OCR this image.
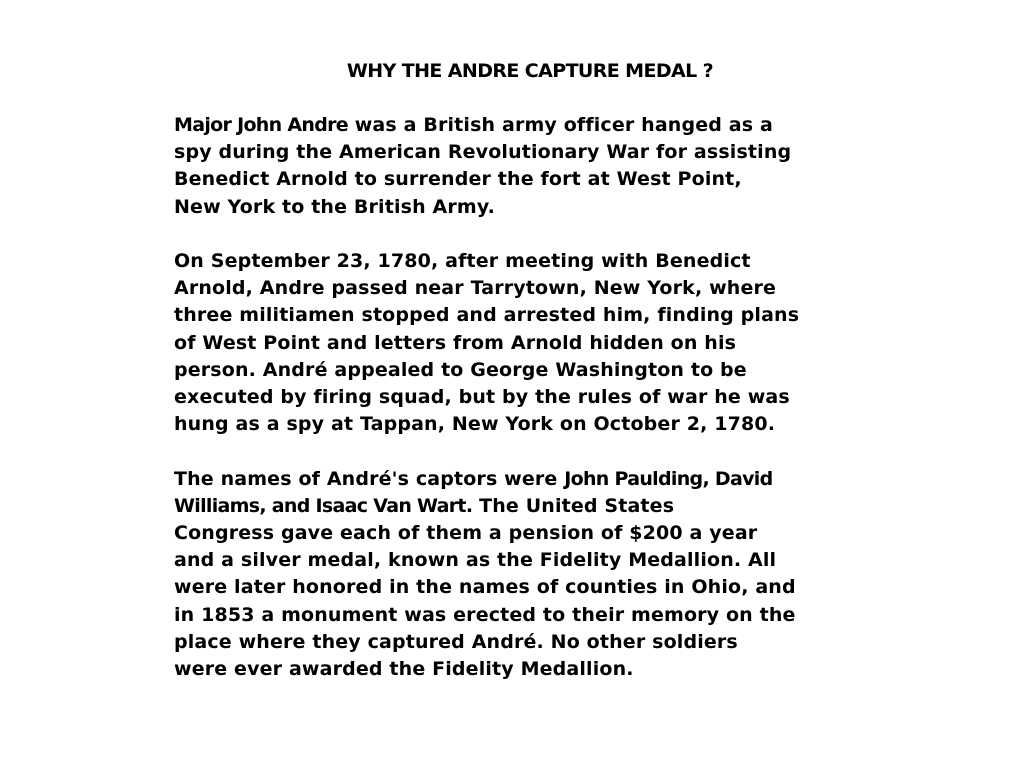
WHY THE ANDRE CAPTURE MEDAL ?

Major John Andre was a British army officer hanged as a
spy during the American Revolutionary War for assisting
Benedict Arnold to surrender the fort at West Point,
New York to the British Army.

On September 23, 1780, after meeting with Benedict
Arnold, Andre passed near Tarrytown, New York, where
three militiamen stopped and arrested him, finding plans
of West Point and letters from Arnold hidden on his
person. André appealed to George Washington to be
executed by firing squad, but by the rules of war he was
hung as a spy at Tappan, New York on October 2, 1780.

The names of André's captors were John Paulding, David
Williams, and Isaac Van Wart. The United States
Congress gave each of them a pension of $200 a year
and a silver medal, known as the Fidelity Medallion. All
were later honored in the names of counties in Ohio, and
in 1853 a monument was erected to their memory on the
place where they captured André. No other soldiers
were ever awarded the Fidelity Medallion.
